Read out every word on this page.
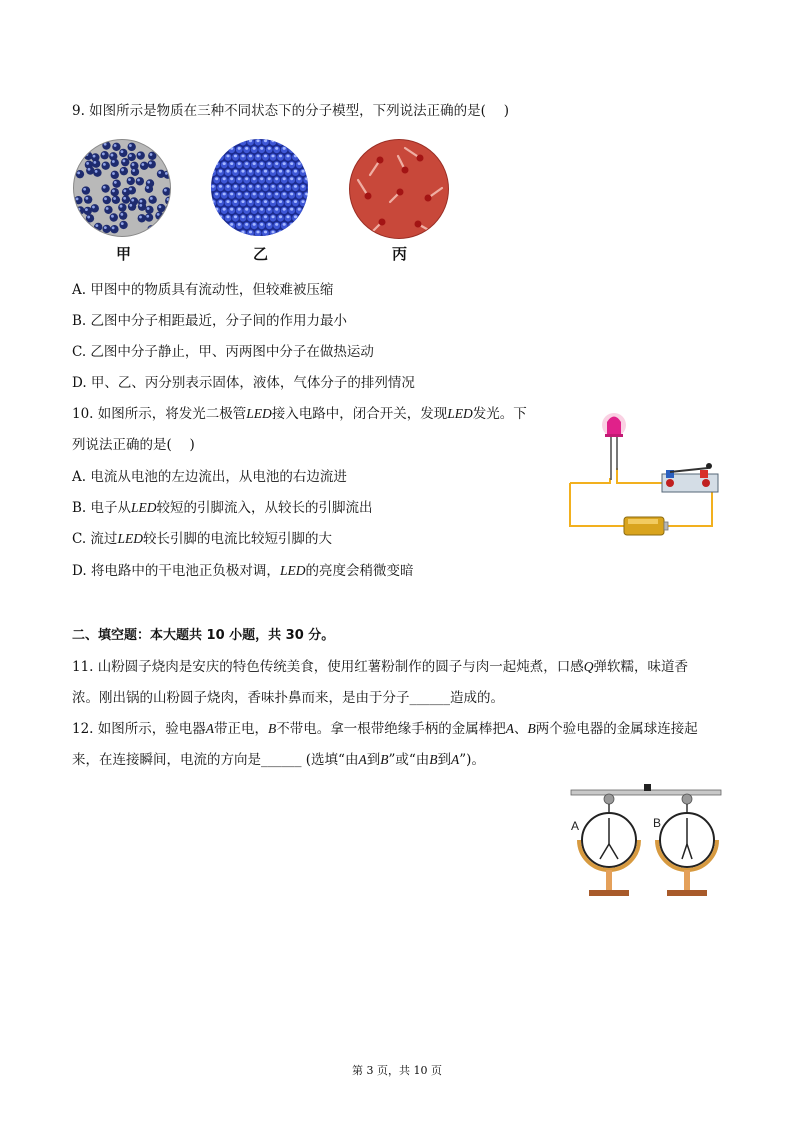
9. 如图所示是物质在三种不同状态下的分子模型，下列说法正确的是(　 )
甲	乙	丙
A. 甲图中的物质具有流动性，但较难被压缩
B. 乙图中分子相距最近，分子间的作用力最小
C. 乙图中分子静止，甲、丙两图中分子在做热运动
D. 甲、乙、丙分别表示固体，液体，气体分子的排列情况
10. 如图所示，将发光二极管LED接入电路中，闭合开关，发现LED发光。下
列说法正确的是(　 )
A. 电流从电池的左边流出，从电池的右边流进
B. 电子从LED较短的引脚流入，从较长的引脚流出
C. 流过LED较长引脚的电流比较短引脚的大
D. 将电路中的干电池正负极对调，LED的亮度会稍微变暗
二、填空题：本大题共 10 小题，共 30 分。
11. 山粉圆子烧肉是安庆的特色传统美食，使用红薯粉制作的圆子与肉一起炖煮，口感Q弹软糯，味道香
浓。刚出锅的山粉圆子烧肉，香味扑鼻而来，是由于分子______造成的。
12. 如图所示，验电器A带正电，B不带电。拿一根带绝缘手柄的金属棒把A、B两个验电器的金属球连接起
来，在连接瞬间，电流的方向是______ (选填“由A到B”或“由B到A”)。
A	B
第 3 页，共 10 页
